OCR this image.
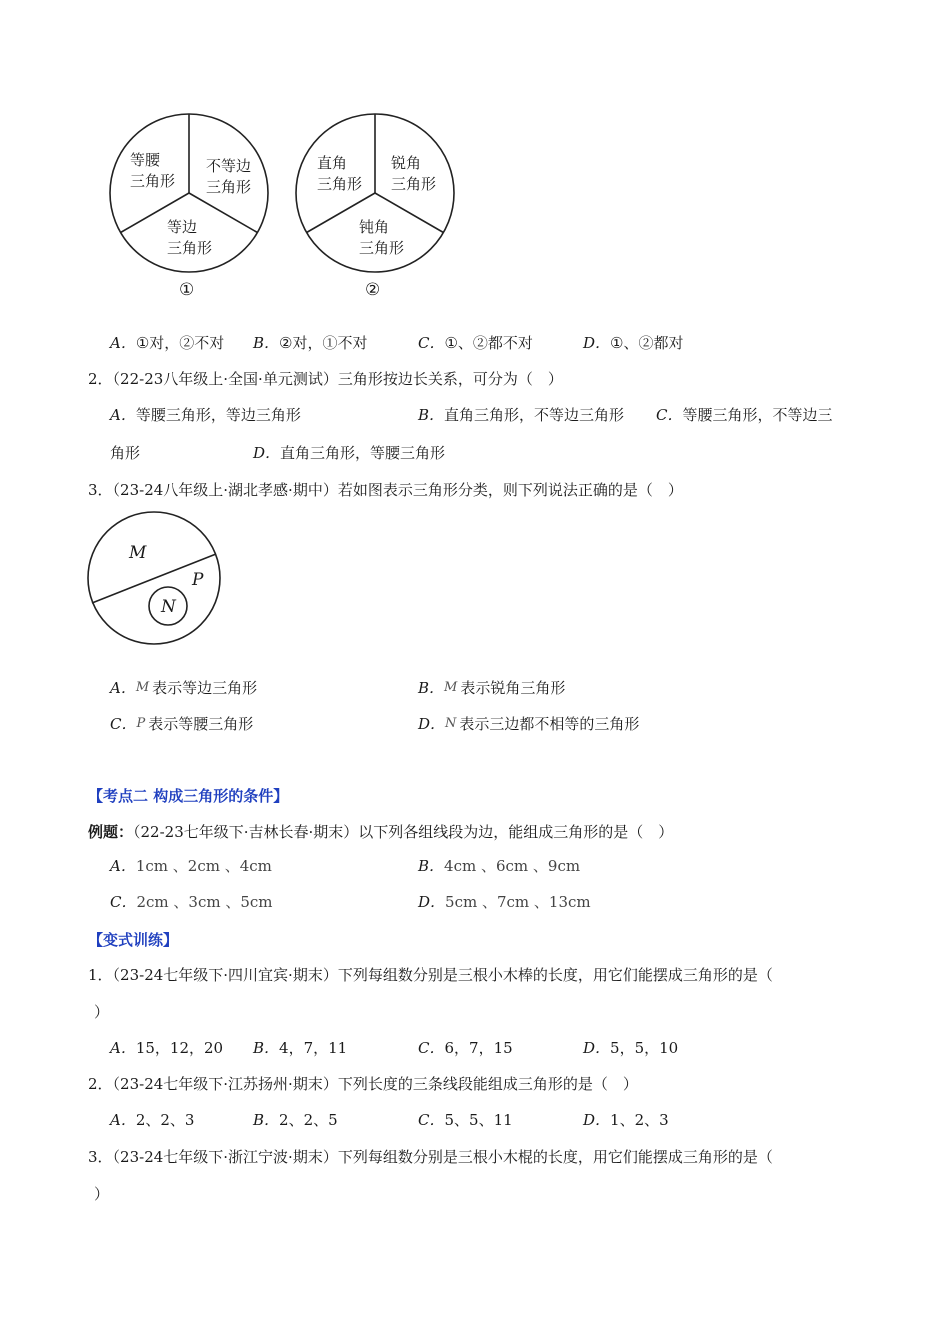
等腰
三角形
不等边
三角形
等边
三角形
①
直角
三角形
锐角
三角形
钝角
三角形
②
A．①对，②不对 B．②对，①不对	C．①、②都不对	D．①、②都对
2．（22-23八年级上·全国·单元测试）三角形按边长关系，可分为（　）
A．等腰三角形，等边三角形	B．直角三角形，不等边三角形 C．等腰三角形，不等边三
角形	D．直角三角形，等腰三角形
3．（23-24八年级上·湖北孝感·期中）若如图表示三角形分类，则下列说法正确的是（　）
M
P
N
A．M 表示等边三角形	B．M 表示锐角三角形
C．P 表示等腰三角形	D．N 表示三边都不相等的三角形
【考点二 构成三角形的条件】
例题：（22-23七年级下·吉林长春·期末）以下列各组线段为边，能组成三角形的是（　）
A．1cm 、2cm 、4cm	B．4cm 、6cm 、9cm
C．2cm 、3cm 、5cm	D．5cm 、7cm 、13cm
【变式训练】
1．（23-24七年级下·四川宜宾·期末）下列每组数分别是三根小木棒的长度，用它们能摆成三角形的是（
）
A．15，12，20 B．4，7，11	C．6，7，15	D．5，5，10
2．（23-24七年级下·江苏扬州·期末）下列长度的三条线段能组成三角形的是（　）
A．2、2、3	B．2、2、5	C．5、5、11	D．1、2、3
3．（23-24七年级下·浙江宁波·期末）下列每组数分别是三根小木棍的长度，用它们能摆成三角形的是（
）
